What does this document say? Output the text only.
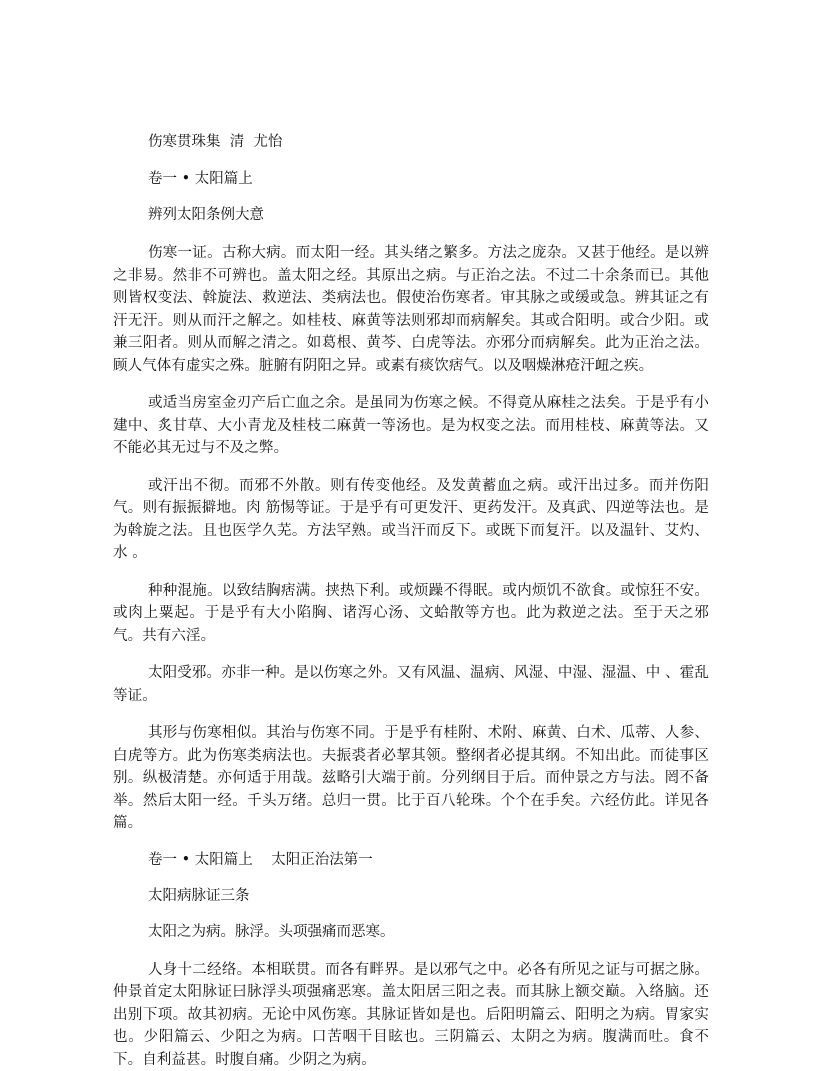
伤寒贯珠集  清  尤怡

卷一 • 太阳篇上

辨列太阳条例大意

伤寒一证。古称大病。而太阳一经。其头绪之繁多。方法之庞杂。又甚于他经。是以辨之非易。然非不可辨也。盖太阳之经。其原出之病。与正治之法。不过二十余条而已。其他则皆权变法、斡旋法、救逆法、类病法也。假使治伤寒者。审其脉之或缓或急。辨其证之有汗无汗。则从而汗之解之。如桂枝、麻黄等法则邪却而病解矣。其或合阳明。或合少阳。或兼三阳者。则从而解之清之。如葛根、黄芩、白虎等法。亦邪分而病解矣。此为正治之法。顾人气体有虚实之殊。脏腑有阴阳之异。或素有痰饮痞气。以及咽燥淋疮汗衄之疾。

或适当房室金刃产后亡血之余。是虽同为伤寒之候。不得竟从麻桂之法矣。于是乎有小建中、炙甘草、大小青龙及桂枝二麻黄一等汤也。是为权变之法。而用桂枝、麻黄等法。又不能必其无过与不及之弊。

或汗出不彻。而邪不外散。则有传变他经。及发黄蓄血之病。或汗出过多。而并伤阳气。则有振振擗地。肉 筋惕等证。于是乎有可更发汗、更药发汗。及真武、四逆等法也。是为斡旋之法。且也医学久芜。方法罕熟。或当汗而反下。或既下而复汗。以及温针、艾灼、水 。

种种混施。以致结胸痞满。挟热下利。或烦躁不得眠。或内烦饥不欲食。或惊狂不安。或肉上粟起。于是乎有大小陷胸、诸泻心汤、文蛤散等方也。此为救逆之法。至于天之邪气。共有六淫。

太阳受邪。亦非一种。是以伤寒之外。又有风温、温病、风湿、中湿、湿温、中 、霍乱等证。

其形与伤寒相似。其治与伤寒不同。于是乎有桂附、术附、麻黄、白术、瓜蒂、人参、白虎等方。此为伤寒类病法也。夫振裘者必挈其领。整纲者必提其纲。不知出此。而徒事区别。纵极清楚。亦何适于用哉。兹略引大端于前。分列纲目于后。而仲景之方与法。罔不备举。然后太阳一经。千头万绪。总归一贯。比于百八轮珠。个个在手矣。六经仿此。详见各篇。

卷一 • 太阳篇上    太阳正治法第一

太阳病脉证三条

太阳之为病。脉浮。头项强痛而恶寒。

人身十二经络。本相联贯。而各有畔界。是以邪气之中。必各有所见之证与可据之脉。仲景首定太阳脉证曰脉浮头项强痛恶寒。盖太阳居三阳之表。而其脉上额交巅。入络脑。还出别下项。故其初病。无论中风伤寒。其脉证皆如是也。后阳明篇云、阳明之为病。胃家实也。少阳篇云、少阳之为病。口苦咽干目眩也。三阴篇云、太阴之为病。腹满而吐。食不下。自利益甚。时腹自痛。少阴之为病。
